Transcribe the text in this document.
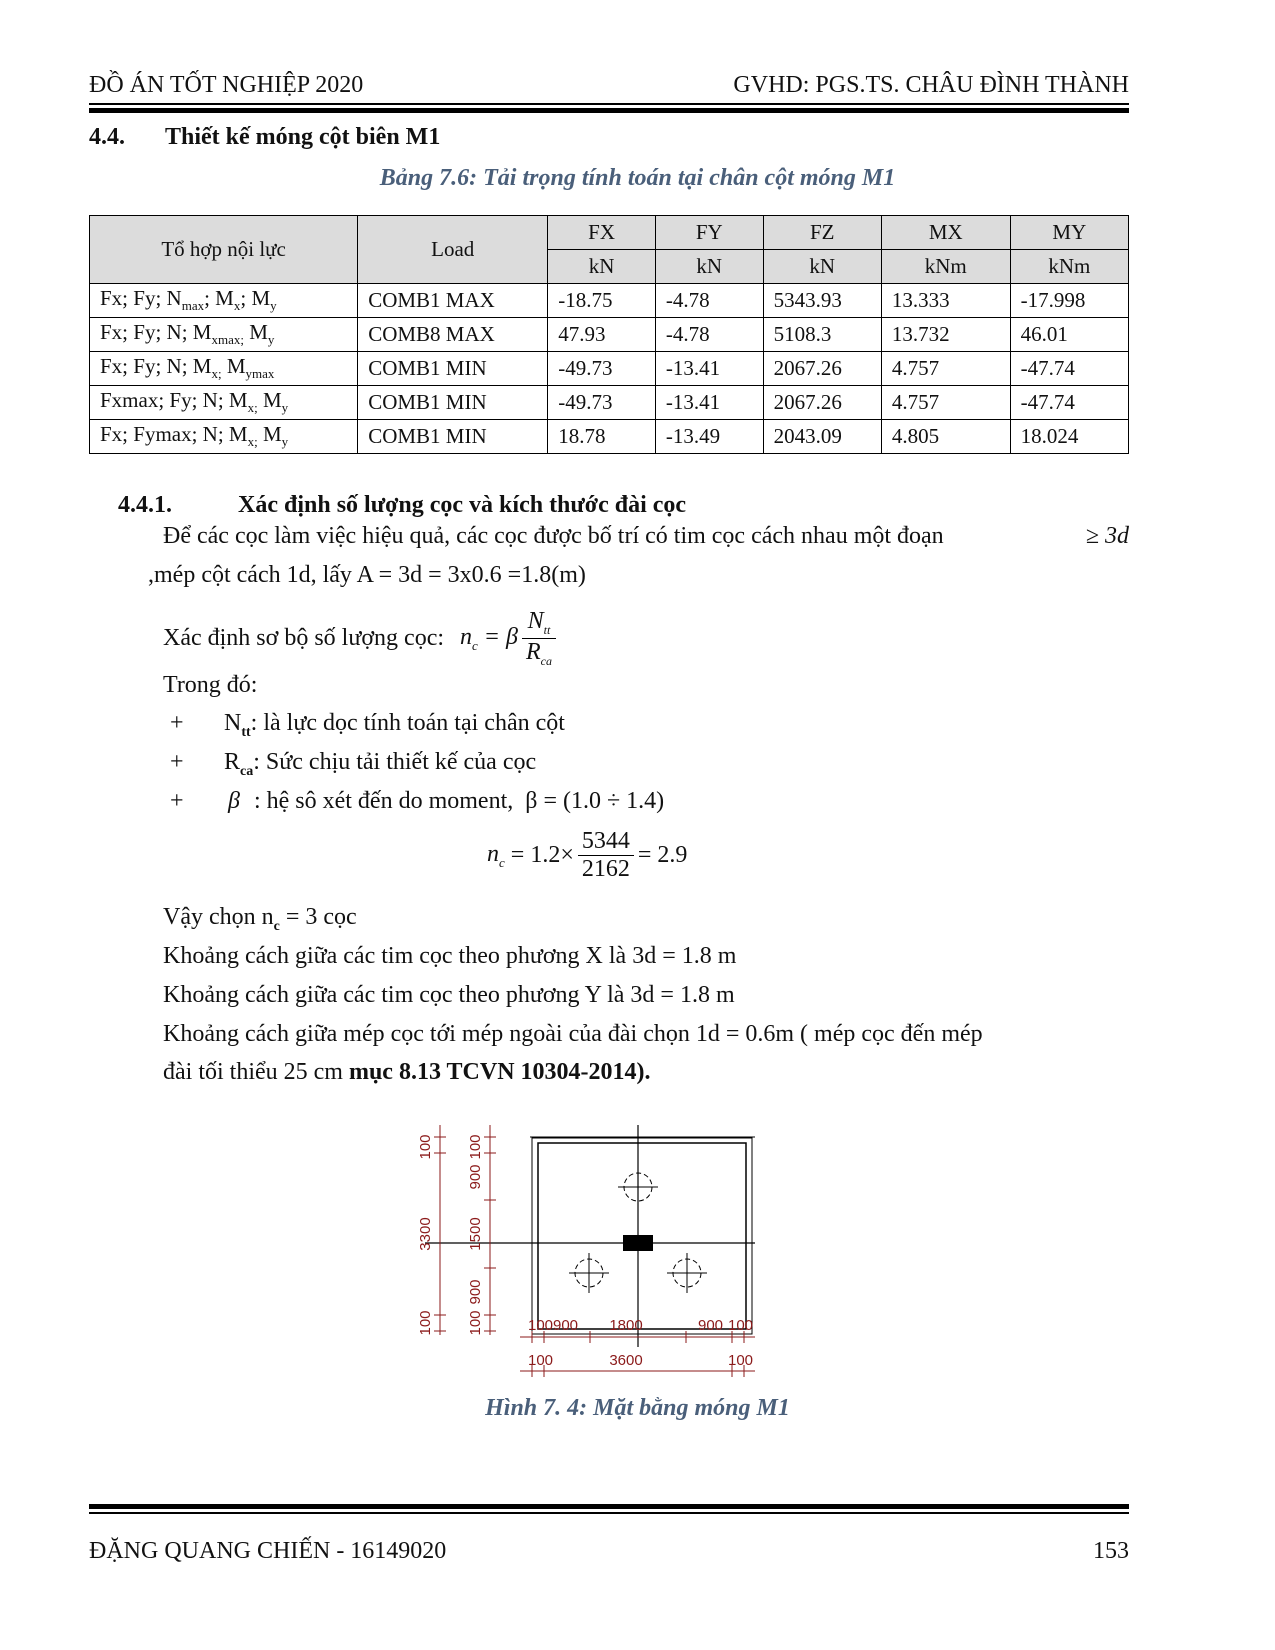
ĐỒ ÁN TỐT NGHIỆP 2020	GVHD: PGS.TS. CHÂU ĐÌNH THÀNH
4.4. Thiết kế móng cột biên M1
Bảng 7.6: Tải trọng tính toán tại chân cột móng M1
Tổ hợp nội lực	Load	FX	FY	FZ	MX	MY
		kN	kN	kN	kNm	kNm
Fx; Fy; $N_{max}$; $M_x$; $M_y$	COMB1 MAX	-18.75	-4.78	5343.93	13.333	-17.998
Fx; Fy; N; $M_{xmax;}$ $M_y$	COMB8 MAX	47.93	-4.78	5108.3	13.732	46.01
Fx; Fy; N; $M_{x;}$ $M_{ymax}$	COMB1 MIN	-49.73	-13.41	2067.26	4.757	-47.74
Fxmax; Fy; N; $M_{x;}$ $M_y$	COMB1 MIN	-49.73	-13.41	2067.26	4.757	-47.74
Fx; Fymax; N; $M_{x;}$ $M_y$	COMB1 MIN	18.78	-13.49	2043.09	4.805	18.024
4.4.1.	Xác định số lượng cọc và kích thước đài cọc
Để các cọc làm việc hiệu quả, các cọc được bố trí có tim cọc cách nhau một đoạn	≥ 3d
,mép cột cách 1d, lấy A = 3d = 3x0.6 =1.8(m)
Xác định sơ bộ số lượng cọc: $n_c = \beta \frac{N_{tt}}{R_{ca}}$
Trong đó:
+ $N_{tt}$: là lực dọc tính toán tại chân cột
+ $R_{ca}$: Sức chịu tải thiết kế của cọc
+ β : hệ sô xét đến do moment, β = (1.0 ÷ 1.4)
$n_c = 1.2\times \frac{5344}{2162} = 2.9$
Vậy chọn $n_c = 3$ cọc
Khoảng cách giữa các tim cọc theo phương X là 3d = 1.8 m
Khoảng cách giữa các tim cọc theo phương Y là 3d = 1.8 m
Khoảng cách giữa mép cọc tới mép ngoài của đài chọn 1d = 0.6m ( mép cọc đến mép
đài tối thiểu 25 cm mục 8.13 TCVN 10304-2014).
100
3300
100
100
900
1500
900
100	100 900 1800	900 100
100	3600	100
Hình 7. 4: Mặt bằng móng M1
ĐẶNG QUANG CHIẾN - 16149020	153
